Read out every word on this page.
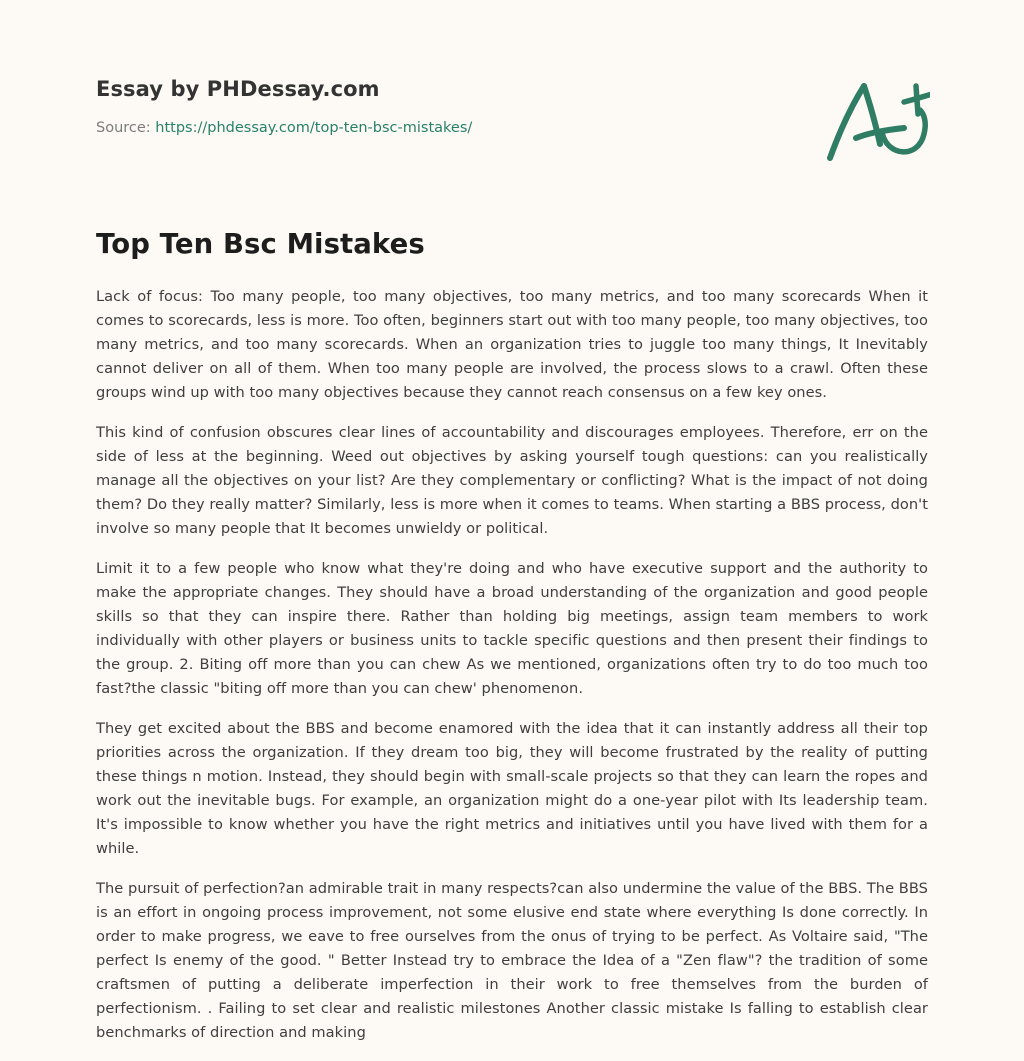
Essay by PHDessay.com
Source: https://phdessay.com/top-ten-bsc-mistakes/
Top Ten Bsc Mistakes

Lack of focus: Too many people, too many objectives, too many metrics, and too many scorecards When it comes to scorecards, less is more. Too often, beginners start out with too many people, too many objectives, too many metrics, and too many scorecards. When an organization tries to juggle too many things, It Inevitably cannot deliver on all of them. When too many people are involved, the process slows to a crawl. Often these groups wind up with too many objectives because they cannot reach consensus on a few key ones.

This kind of confusion obscures clear lines of accountability and discourages employees. Therefore, err on the side of less at the beginning. Weed out objectives by asking yourself tough questions: can you realistically manage all the objectives on your list? Are they complementary or conflicting? What is the impact of not doing them? Do they really matter? Similarly, less is more when it comes to teams. When starting a BBS process, don't involve so many people that It becomes unwieldy or political.

Limit it to a few people who know what they're doing and who have executive support and the authority to make the appropriate changes. They should have a broad understanding of the organization and good people skills so that they can inspire there. Rather than holding big meetings, assign team members to work individually with other players or business units to tackle specific questions and then present their findings to the group. 2. Biting off more than you can chew As we mentioned, organizations often try to do too much too fast?the classic "biting off more than you can chew' phenomenon.

They get excited about the BBS and become enamored with the idea that it can instantly address all their top priorities across the organization. If they dream too big, they will become frustrated by the reality of putting these things n motion. Instead, they should begin with small-scale projects so that they can learn the ropes and work out the inevitable bugs. For example, an organization might do a one-year pilot with Its leadership team. It's impossible to know whether you have the right metrics and initiatives until you have lived with them for a while.

The pursuit of perfection?an admirable trait in many respects?can also undermine the value of the BBS. The BBS is an effort in ongoing process improvement, not some elusive end state where everything Is done correctly. In order to make progress, we eave to free ourselves from the onus of trying to be perfect. As Voltaire said, "The perfect Is enemy of the good. " Better Instead try to embrace the Idea of a "Zen flaw"? the tradition of some craftsmen of putting a deliberate imperfection in their work to free themselves from the burden of perfectionism. . Failing to set clear and realistic milestones Another classic mistake Is falling to establish clear benchmarks of direction and making
